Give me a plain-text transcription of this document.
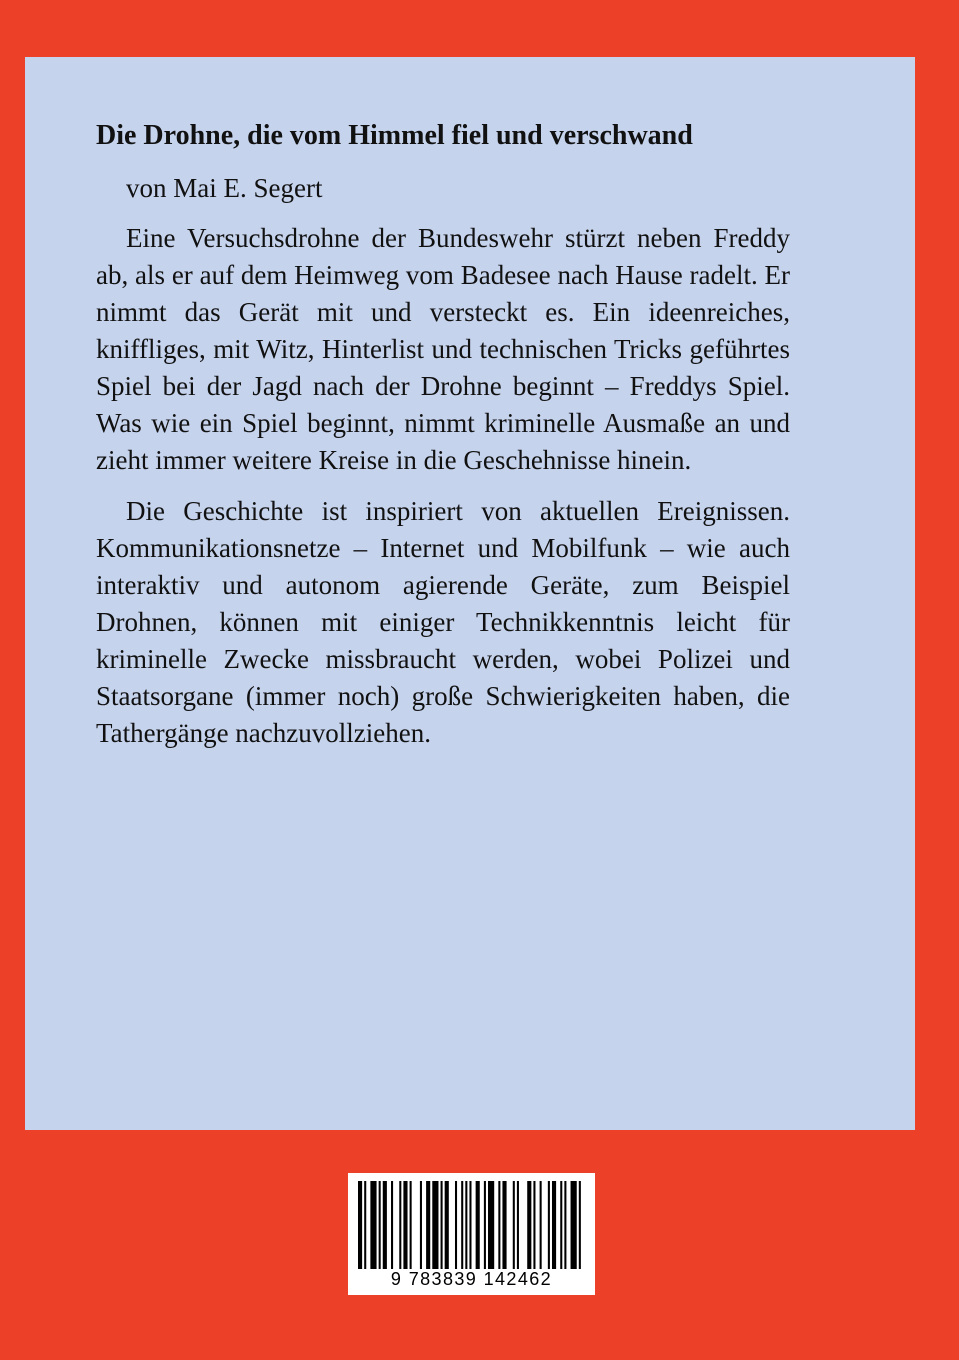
Die Drohne, die vom Himmel fiel und verschwand

von Mai E. Segert

Eine Versuchsdrohne der Bundeswehr stürzt neben Freddy ab, als er auf dem Heimweg vom Badesee nach Hause radelt. Er nimmt das Gerät mit und versteckt es. Ein ideenreiches, kniffliges, mit Witz, Hinterlist und technischen Tricks geführtes Spiel bei der Jagd nach der Drohne beginnt – Freddys Spiel. Was wie ein Spiel beginnt, nimmt kriminelle Ausmaße an und zieht immer weitere Kreise in die Geschehnisse hinein.

Die Geschichte ist inspiriert von aktuellen Ereignissen. Kommunikationsnetze – Internet und Mobilfunk – wie auch interaktiv und autonom agierende Geräte, zum Beispiel Drohnen, können mit einiger Technikkenntnis leicht für kriminelle Zwecke missbraucht werden, wobei Polizei und Staatsorgane (immer noch) große Schwierigkeiten haben, die Tathergänge nachzuvollziehen.

9 783839 142462
